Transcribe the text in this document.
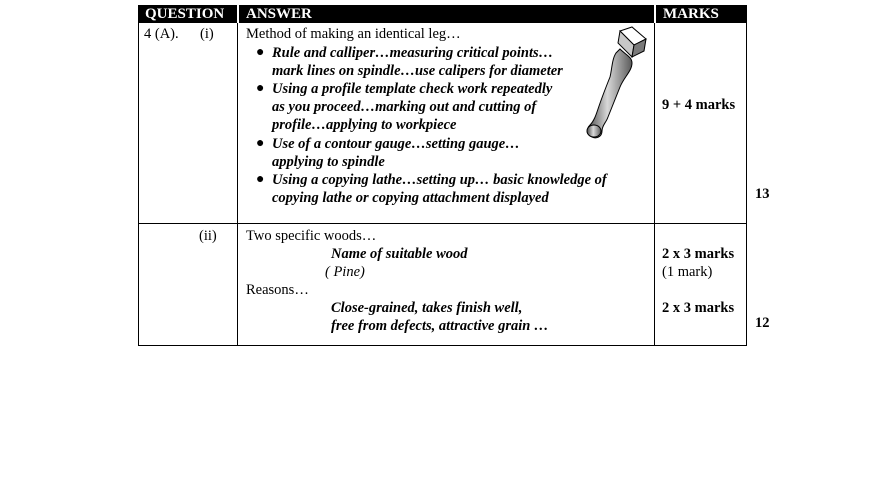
QUESTION	ANSWER	MARKS
4 (A). (i) Method of making an identical leg…
● Rule and calliper…measuring critical points…
mark lines on spindle…use calipers for diameter
● Using a profile template check work repeatedly
as you proceed…marking out and cutting of
profile…applying to workpiece
● Use of a contour gauge…setting gauge…
applying to spindle
● Using a copying lathe…setting up… basic knowledge of
copying lathe or copying attachment displayed
9 + 4 marks
(ii) Two specific woods…
Name of suitable wood
( Pine)
Reasons…
Close-grained, takes finish well,
free from defects, attractive grain …
2 x 3 marks
(1 mark)
2 x 3 marks
13
12
